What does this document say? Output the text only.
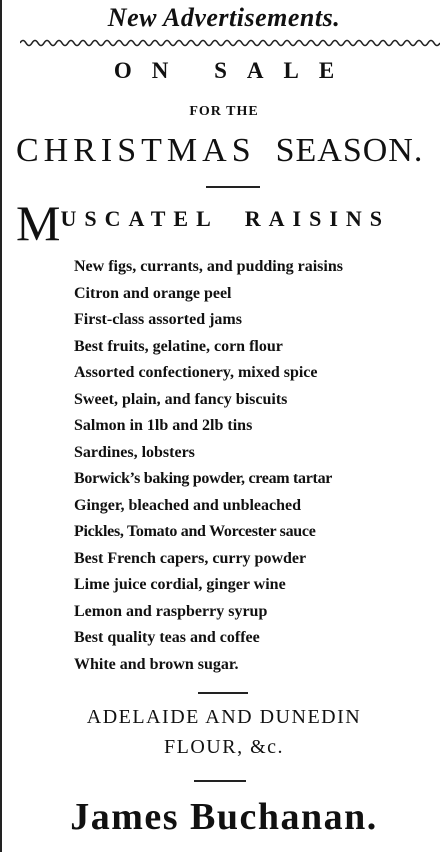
New Advertisements.
ON SALE
FOR THE
CHRISTMAS SEASON.
MUSCATEL RAISINS
New figs, currants, and pudding raisins
Citron and orange peel
First-class assorted jams
Best fruits, gelatine, corn flour
Assorted confectionery, mixed spice
Sweet, plain, and fancy biscuits
Salmon in 1lb and 2lb tins
Sardines, lobsters
Borwick’s baking powder, cream tartar
Ginger, bleached and unbleached
Pickles, Tomato and Worcester sauce
Best French capers, curry powder
Lime juice cordial, ginger wine
Lemon and raspberry syrup
Best quality teas and coffee
White and brown sugar.
ADELAIDE AND DUNEDIN
FLOUR, &c.
James Buchanan.
